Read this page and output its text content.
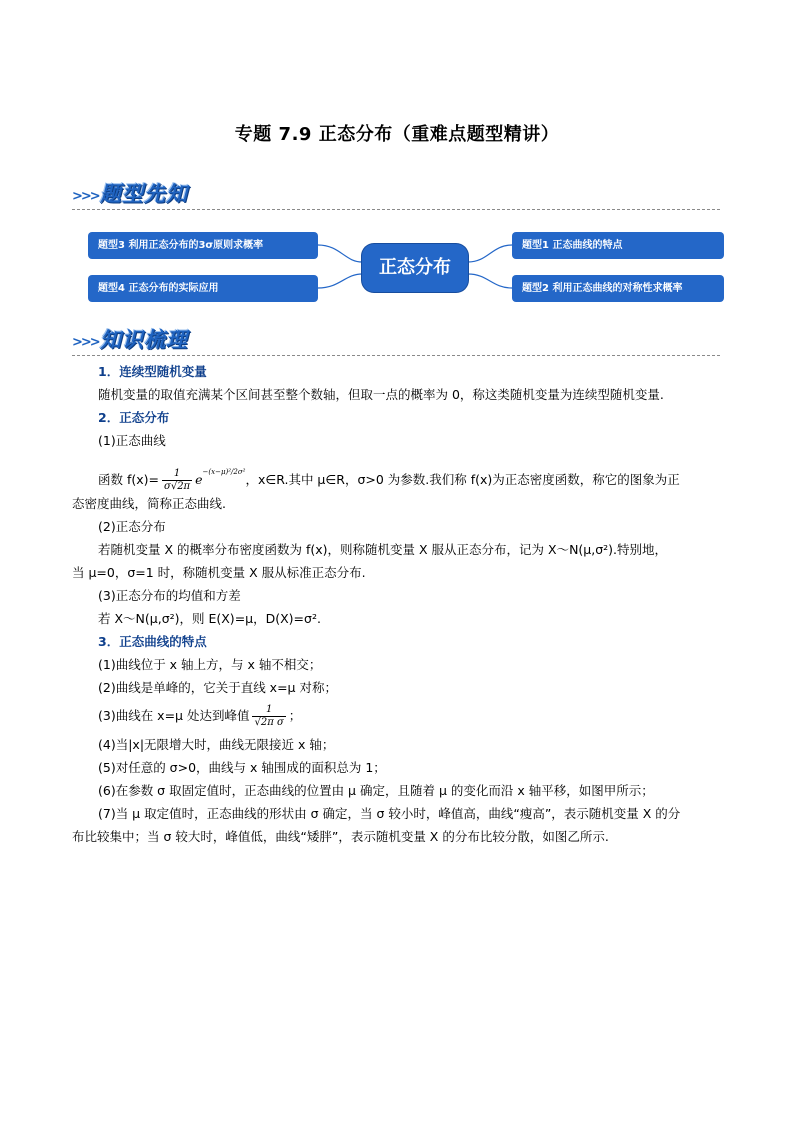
专题 7.9 正态分布（重难点题型精讲）
>>> 题型先知
题型3 利用正态分布的3σ原则求概率
题型4 正态分布的实际应用
题型1 正态曲线的特点
题型2 利用正态曲线的对称性求概率
正态分布
>>> 知识梳理
1．连续型随机变量
随机变量的取值充满某个区间甚至整个数轴，但取一点的概率为 0，称这类随机变量为连续型随机变量.
2．正态分布
(1)正态曲线
函数 $f(x)= \frac{1}{\sigma√2\pi} e^{-(x-\mu)^2/2\sigma^2}$，x∈R.其中 μ∈R，σ>0 为参数.我们称 f(x)为正态密度函数，称它的图象为正
态密度曲线，简称正态曲线.
(2)正态分布
若随机变量 X 的概率分布密度函数为 f(x)，则称随机变量 X 服从正态分布，记为 X～N(μ,σ²).特别地，
当 μ=0，σ=1 时，称随机变量 X 服从标准正态分布.
(3)正态分布的均值和方差
若 X～N(μ,σ²)，则 E(X)=μ，D(X)=σ².
3．正态曲线的特点
(1)曲线位于 x 轴上方，与 x 轴不相交；
(2)曲线是单峰的，它关于直线 x=μ 对称；
(3)曲线在 x=μ 处达到峰值 $\frac{1}{\text{√2π σ}}$ ；
(4)当|x|无限增大时，曲线无限接近 x 轴；
(5)对任意的 σ>0，曲线与 x 轴围成的面积总为 1；
(6)在参数 σ 取固定值时，正态曲线的位置由 μ 确定，且随着 μ 的变化而沿 x 轴平移，如图甲所示；
(7)当 μ 取定值时，正态曲线的形状由 σ 确定，当 σ 较小时，峰值高，曲线“瘦高”，表示随机变量 X 的分
布比较集中；当 σ 较大时，峰值低，曲线“矮胖”，表示随机变量 X 的分布比较分散，如图乙所示.
